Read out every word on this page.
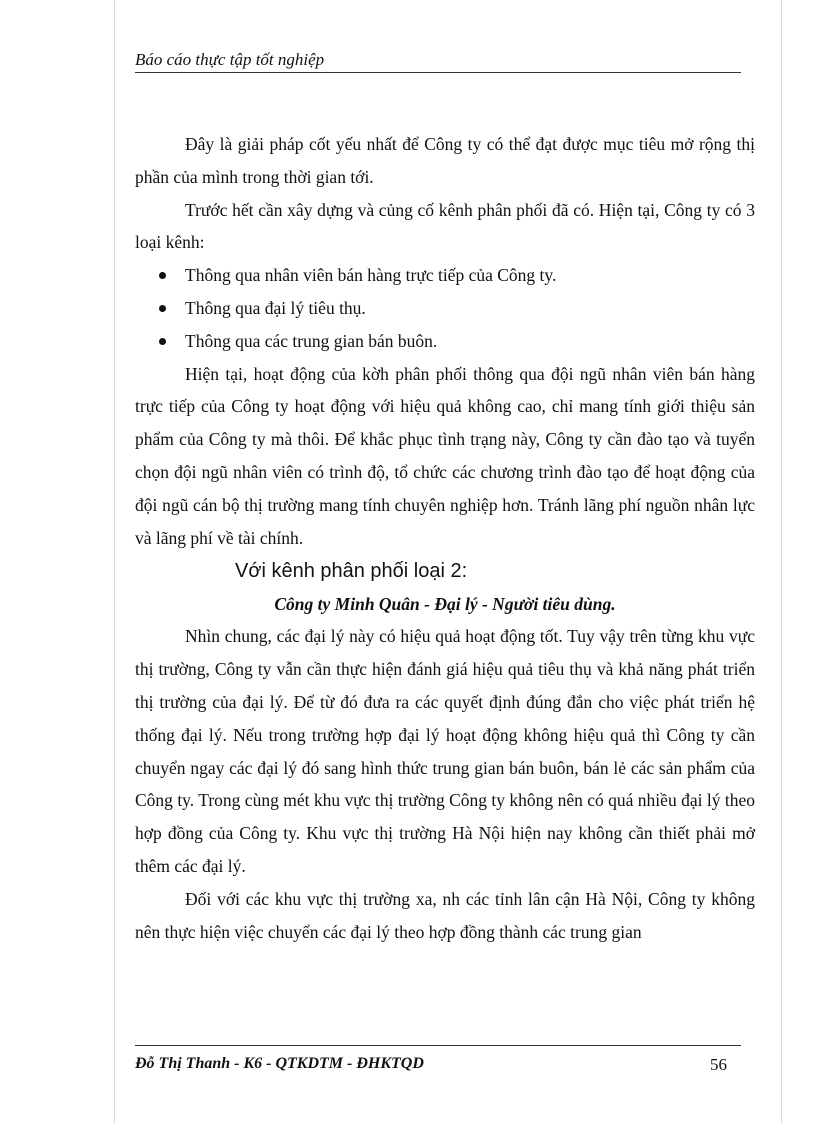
Báo cáo thực tập tốt nghiệp

Đây là giải pháp cốt yếu nhất để Công ty có thể đạt được mục tiêu mở rộng thị phần của mình trong thời gian tới.

Trước hết cần xây dựng và củng cố kênh phân phối đã có. Hiện tại, Công ty có 3 loại kênh:

Thông qua nhân viên bán hàng trực tiếp của Công ty.
Thông qua đại lý tiêu thụ.
Thông qua các trung gian bán buôn.

Hiện tại, hoạt động của kờh phân phối thông qua đội ngũ nhân viên bán hàng trực tiếp của Công ty hoạt động với hiệu quả không cao, chỉ mang tính giới thiệu sản phẩm của Công ty mà thôi. Để khắc phục tình trạng này, Công ty cần đào tạo và tuyển chọn đội ngũ nhân viên có trình độ, tổ chức các chương trình đào tạo để hoạt động của đội ngũ cán bộ thị trường mang tính chuyên nghiệp hơn. Tránh lãng phí nguồn nhân lực và lãng phí về tài chính.

Với kênh phân phối loại 2:

Công ty Minh Quân - Đại lý - Người tiêu dùng.

Nhìn chung, các đại lý này có hiệu quả hoạt động tốt. Tuy vậy trên từng khu vực thị trường, Công ty vẫn cần thực hiện đánh giá hiệu quả tiêu thụ và khả năng phát triển thị trường của đại lý. Để từ đó đưa ra các quyết định đúng đắn cho việc phát triển hệ thống đại lý. Nếu trong trường hợp đại lý hoạt động không hiệu quả thì Công ty cần chuyển ngay các đại lý đó sang hình thức trung gian bán buôn, bán lẻ các sản phẩm của Công ty. Trong cùng mét khu vực thị trường Công ty không nên có quá nhiều đại lý theo hợp đồng của Công ty. Khu vực thị trường Hà Nội hiện nay không cần thiết phải mở thêm các đại lý.

Đối với các khu vực thị trường xa, nh các tỉnh lân cận Hà Nội, Công ty không nên thực hiện việc chuyển các đại lý theo hợp đồng thành các trung gian

Đỗ Thị Thanh - K6 - QTKDTM - ĐHKTQD	56
